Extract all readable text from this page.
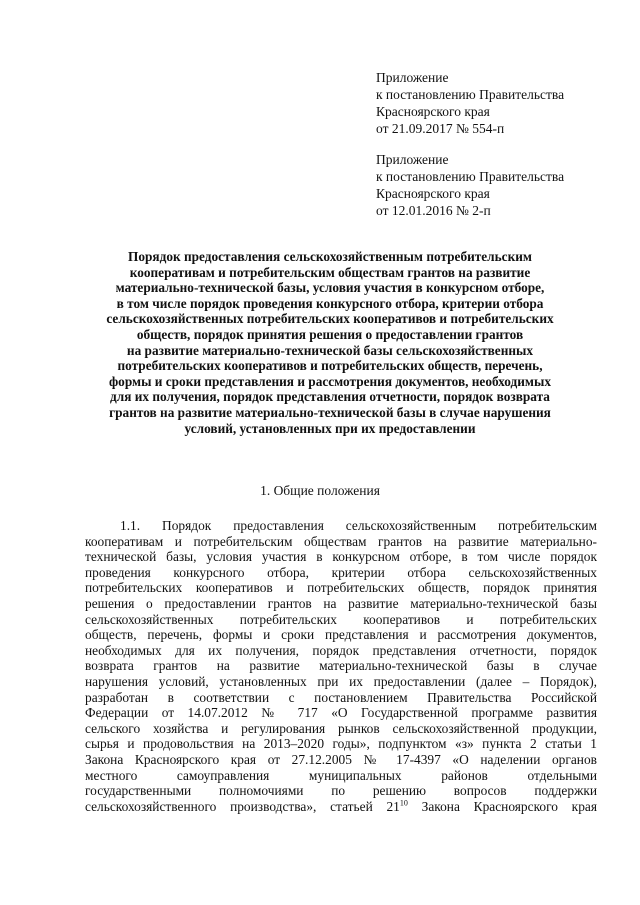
Приложение
к постановлению Правительства
Красноярского края
от 21.09.2017 № 554-п
Приложение
к постановлению Правительства
Красноярского края
от 12.01.2016 № 2-п
Порядок предоставления сельскохозяйственным потребительским
кооперативам и потребительским обществам грантов на развитие
материально-технической базы, условия участия в конкурсном отборе,
в том числе порядок проведения конкурсного отбора, критерии отбора
сельскохозяйственных потребительских кооперативов и потребительских
обществ, порядок принятия решения о предоставлении грантов
на развитие материально-технической базы сельскохозяйственных
потребительских кооперативов и потребительских обществ, перечень,
формы и сроки представления и рассмотрения документов, необходимых
для их получения, порядок представления отчетности, порядок возврата
грантов на развитие материально-технической базы в случае нарушения
условий, установленных при их предоставлении
1. Общие положения
1.1. Порядок предоставления сельскохозяйственным потребительским
кооперативам и потребительским обществам грантов на развитие материально-
технической базы, условия участия в конкурсном отборе, в том числе порядок
проведения конкурсного отбора, критерии отбора сельскохозяйственных
потребительских кооперативов и потребительских обществ, порядок принятия
решения о предоставлении грантов на развитие материально-технической базы
сельскохозяйственных потребительских кооперативов и потребительских
обществ, перечень, формы и сроки представления и рассмотрения документов,
необходимых для их получения, порядок представления отчетности, порядок
возврата грантов на развитие материально-технической базы в случае
нарушения условий, установленных при их предоставлении (далее – Порядок),
разработан в соответствии с постановлением Правительства Российской
Федерации от 14.07.2012 № 717 «О Государственной программе развития
сельского хозяйства и регулирования рынков сельскохозяйственной продукции,
сырья и продовольствия на 2013–2020 годы», подпунктом «з» пункта 2 статьи 1
Закона Красноярского края от 27.12.2005 № 17-4397 «О наделении органов
местного самоуправления муниципальных районов отдельными
государственными полномочиями по решению вопросов поддержки
сельскохозяйственного производства», статьей $21^{10}$ Закона Красноярского края
